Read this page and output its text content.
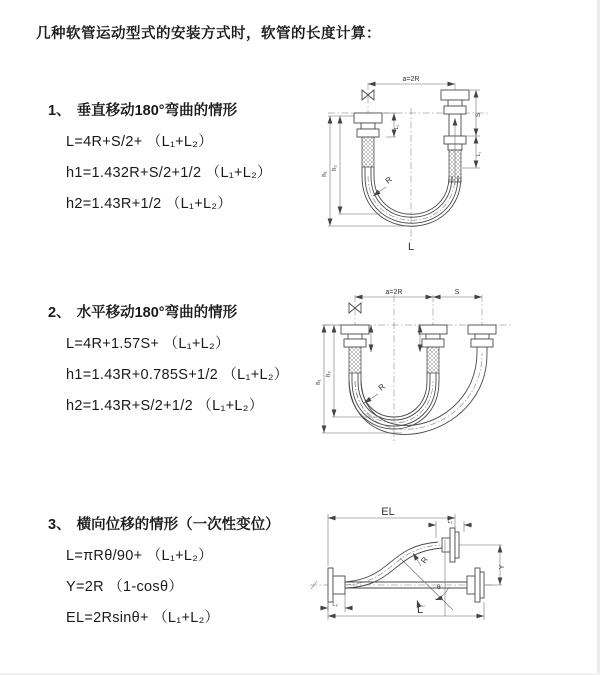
几种软管运动型式的安装方式时，软管的长度计算：
1、 垂直移动180°弯曲的情形
L=4R+S/2+ （L₁+L₂）
h1=1.432R+S/2+1/2 （L₁+L₂）
h2=1.43R+1/2 （L₁+L₂）
2、 水平移动180°弯曲的情形
L=4R+1.57S+ （L₁+L₂）
h1=1.43R+0.785S+1/2 （L₁+L₂）
h2=1.43R+S/2+1/2 （L₁+L₂）
3、 横向位移的情形（一次性变位）
L=πRθ/90+ （L₁+L₂）
Y=2R （1-cosθ）
EL=2Rsinθ+ （L₁+L₂）
a=2R
R
L
h₁
h₂
L₁
S
L₁
a=2R	S
R
h₁
h₂
EL
L₁
Y
L
L₂
R
θ
